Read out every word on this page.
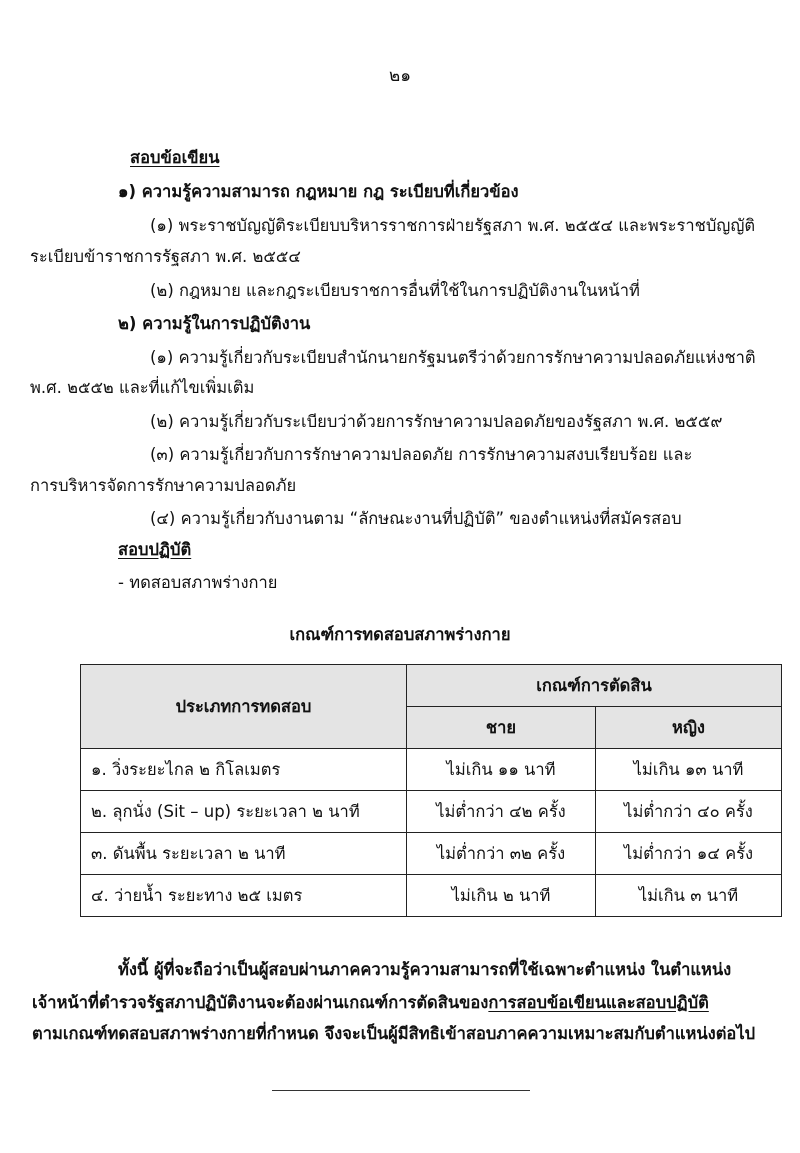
๒๑
สอบข้อเขียน
๑) ความรู้ความสามารถ กฎหมาย กฎ ระเบียบที่เกี่ยวข้อง
(๑) พระราชบัญญัติระเบียบบริหารราชการฝ่ายรัฐสภา พ.ศ. ๒๕๕๔ และพระราชบัญญัติ
ระเบียบข้าราชการรัฐสภา พ.ศ. ๒๕๕๔
(๒) กฎหมาย และกฎระเบียบราชการอื่นที่ใช้ในการปฏิบัติงานในหน้าที่
๒) ความรู้ในการปฏิบัติงาน
(๑) ความรู้เกี่ยวกับระเบียบสำนักนายกรัฐมนตรีว่าด้วยการรักษาความปลอดภัยแห่งชาติ
พ.ศ. ๒๕๕๒ และที่แก้ไขเพิ่มเติม
(๒) ความรู้เกี่ยวกับระเบียบว่าด้วยการรักษาความปลอดภัยของรัฐสภา พ.ศ. ๒๕๕๙
(๓) ความรู้เกี่ยวกับการรักษาความปลอดภัย การรักษาความสงบเรียบร้อย และ
การบริหารจัดการรักษาความปลอดภัย
(๔) ความรู้เกี่ยวกับงานตาม “ลักษณะงานที่ปฏิบัติ” ของตำแหน่งที่สมัครสอบ
สอบปฏิบัติ
- ทดสอบสภาพร่างกาย
เกณฑ์การทดสอบสภาพร่างกาย
ประเภทการทดสอบ	เกณฑ์การตัดสิน	
	ชาย	หญิง
๑. วิ่งระยะไกล ๒ กิโลเมตร	ไม่เกิน ๑๑ นาที	ไม่เกิน ๑๓ นาที
๒. ลุกนั่ง (Sit – up) ระยะเวลา ๒ นาที	ไม่ต่ำกว่า ๔๒ ครั้ง	ไม่ต่ำกว่า ๔๐ ครั้ง
๓. ดันพื้น ระยะเวลา ๒ นาที	ไม่ต่ำกว่า ๓๒ ครั้ง	ไม่ต่ำกว่า ๑๔ ครั้ง
๔. ว่ายน้ำ ระยะทาง ๒๕ เมตร	ไม่เกิน ๒ นาที	ไม่เกิน ๓ นาที
ทั้งนี้ ผู้ที่จะถือว่าเป็นผู้สอบผ่านภาคความรู้ความสามารถที่ใช้เฉพาะตำแหน่ง ในตำแหน่ง
เจ้าหน้าที่ตำรวจรัฐสภาปฏิบัติงานจะต้องผ่านเกณฑ์การตัดสินของการสอบข้อเขียนและสอบปฏิบัติ
ตามเกณฑ์ทดสอบสภาพร่างกายที่กำหนด จึงจะเป็นผู้มีสิทธิเข้าสอบภาคความเหมาะสมกับตำแหน่งต่อไป
